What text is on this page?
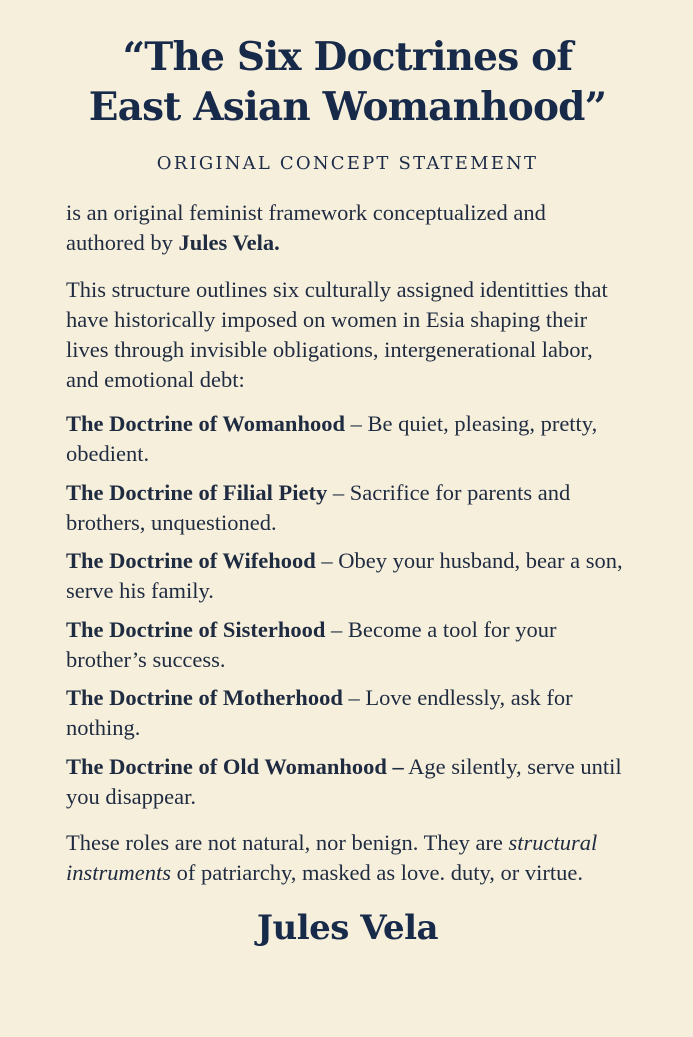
“The Six Doctrines of
East Asian Womanhood”

ORIGINAL CONCEPT STATEMENT

is an original feminist framework conceptualized and authored by Jules Vela.

This structure outlines six culturally assigned identitties that have historically imposed on women in Esia shaping their lives through invisible obligations, intergenerational labor, and emotional debt:

The Doctrine of Womanhood – Be quiet, pleasing, pretty, obedient.
The Doctrine of Filial Piety – Sacrifice for parents and brothers, unquestioned.
The Doctrine of Wifehood – Obey your husband, bear a son, serve his family.
The Doctrine of Sisterhood – Become a tool for your brother’s success.
The Doctrine of Motherhood – Love endlessly, ask for nothing.
The Doctrine of Old Womanhood – Age silently, serve until you disappear.

These roles are not natural, nor benign. They are structural instruments of patriarchy, masked as love. duty, or virtue.

Jules Vela
